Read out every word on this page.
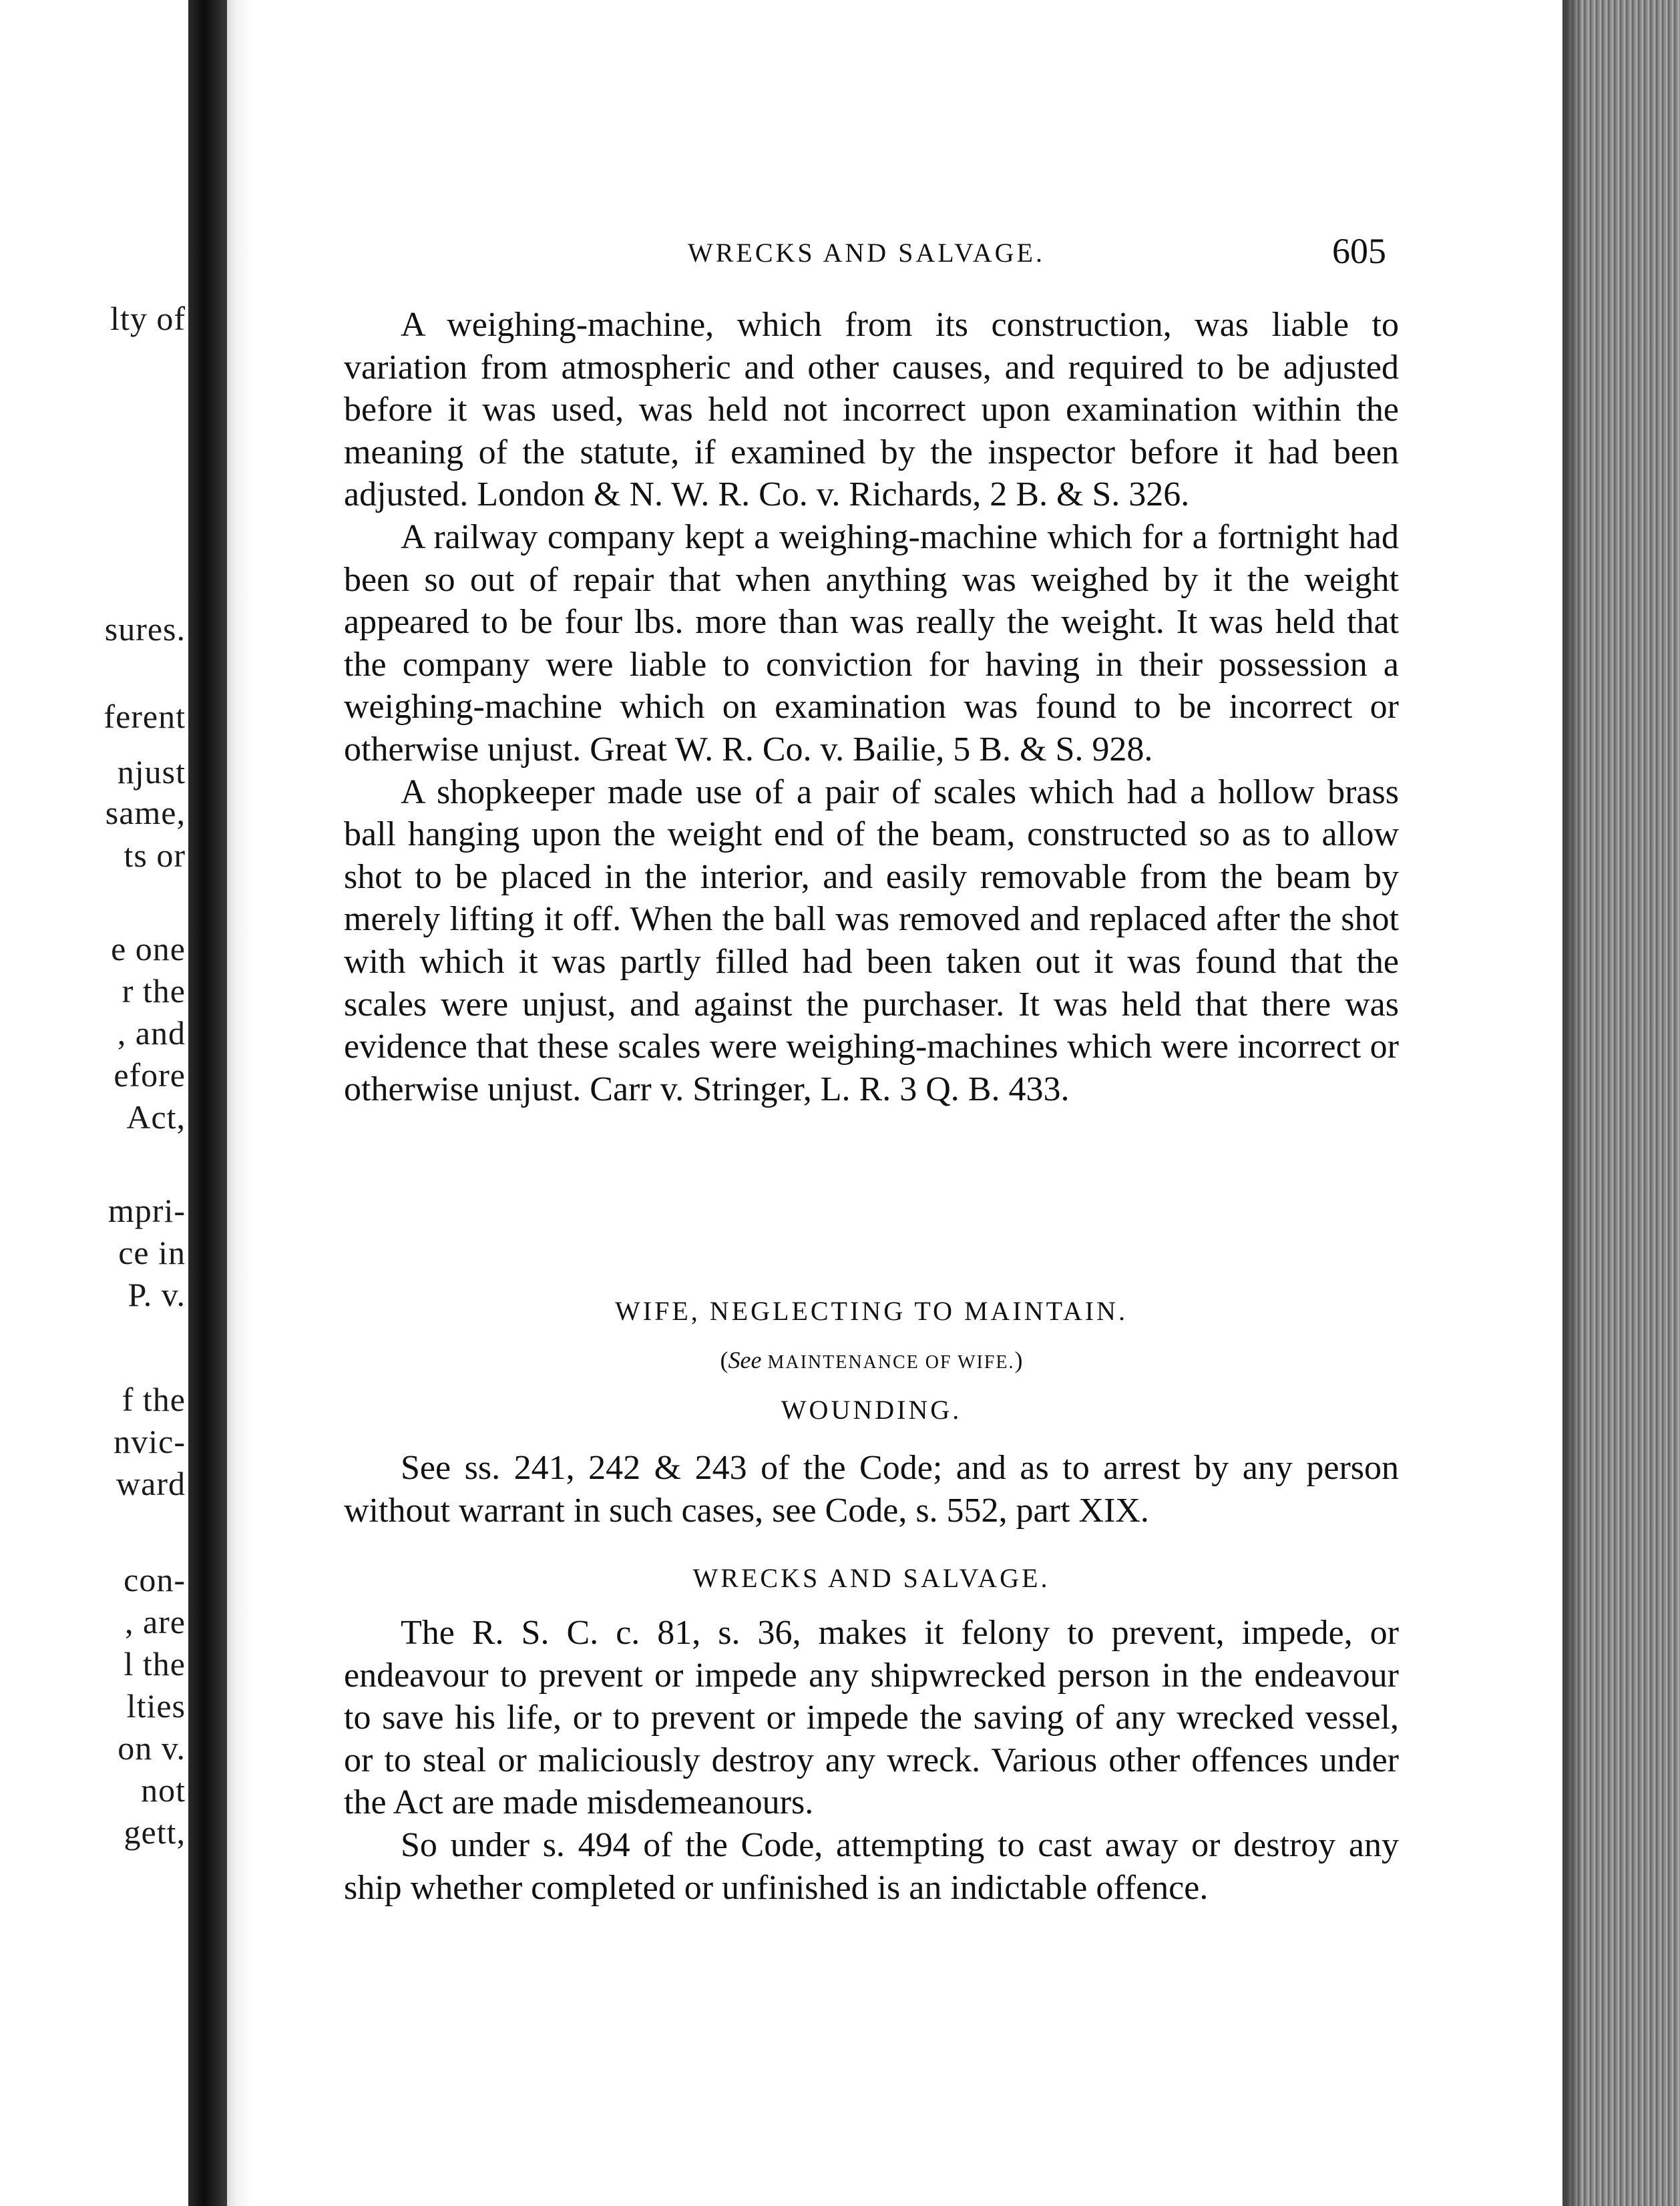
lty of
sures.
ferent
njust
same,
ts or
e one
r the
, and
efore
Act,
mpri-
ce in
P. v.
f the
nvic-
ward
con-
, are
l the
lties
on v.
not
gett,
WRECKS AND SALVAGE.	605

A weighing-machine, which from its construction, was liable to variation from atmospheric and other causes, and required to be adjusted before it was used, was held not incorrect upon examination within the meaning of the statute, if examined by the inspector before it had been adjusted. London & N. W. R. Co. v. Richards, 2 B. & S. 326.

A railway company kept a weighing-machine which for a fortnight had been so out of repair that when anything was weighed by it the weight appeared to be four lbs. more than was really the weight. It was held that the company were liable to conviction for having in their possession a weighing-machine which on examination was found to be incorrect or otherwise unjust. Great W. R. Co. v. Bailie, 5 B. & S. 928.

A shopkeeper made use of a pair of scales which had a hollow brass ball hanging upon the weight end of the beam, constructed so as to allow shot to be placed in the interior, and easily removable from the beam by merely lifting it off. When the ball was removed and replaced after the shot with which it was partly filled had been taken out it was found that the scales were unjust, and against the purchaser. It was held that there was evidence that these scales were weighing-machines which were incorrect or otherwise unjust. Carr v. Stringer, L. R. 3 Q. B. 433.

WIFE, NEGLECTING TO MAINTAIN.
(See MAINTENANCE OF WIFE.)
WOUNDING.

See ss. 241, 242 & 243 of the Code; and as to arrest by any person without warrant in such cases, see Code, s. 552, part XIX.

WRECKS AND SALVAGE.

The R. S. C. c. 81, s. 36, makes it felony to prevent, impede, or endeavour to prevent or impede any shipwrecked person in the endeavour to save his life, or to prevent or impede the saving of any wrecked vessel, or to steal or maliciously destroy any wreck. Various other offences under the Act are made misdemeanours.

So under s. 494 of the Code, attempting to cast away or destroy any ship whether completed or unfinished is an indictable offence.
